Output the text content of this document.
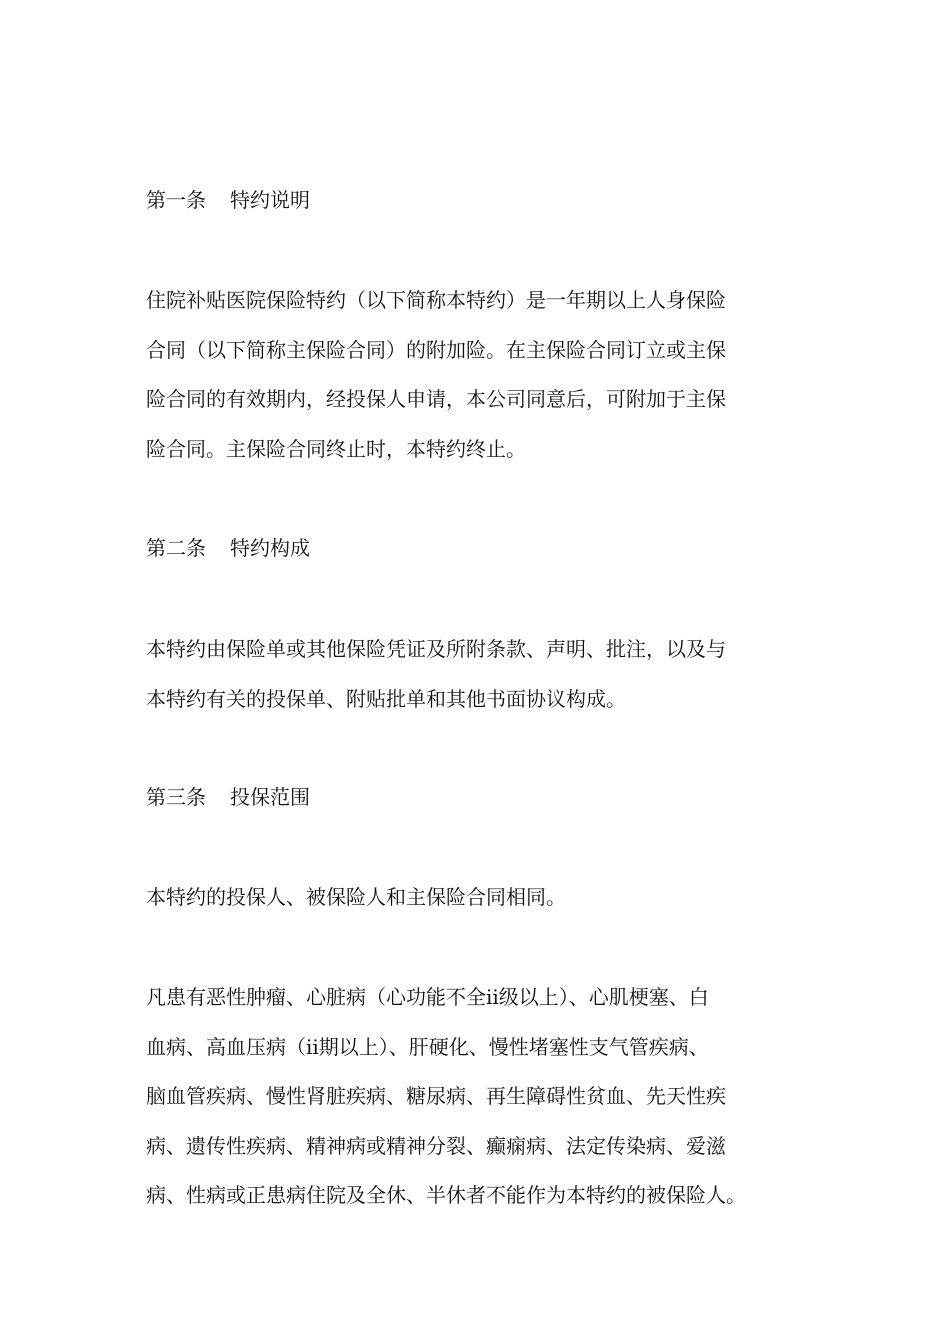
第一条 特约说明
住院补贴医院保险特约（以下简称本特约）是一年期以上人身保险
合同（以下简称主保险合同）的附加险。在主保险合同订立或主保
险合同的有效期内，经投保人申请，本公司同意后，可附加于主保
险合同。主保险合同终止时，本特约终止。
第二条 特约构成
本特约由保险单或其他保险凭证及所附条款、声明、批注，以及与
本特约有关的投保单、附贴批单和其他书面协议构成。
第三条 投保范围
本特约的投保人、被保险人和主保险合同相同。
凡患有恶性肿瘤、心脏病（心功能不全ⅱ级以上）、心肌梗塞、白
血病、高血压病（ⅱ期以上）、肝硬化、慢性堵塞性支气管疾病、
脑血管疾病、慢性肾脏疾病、糖尿病、再生障碍性贫血、先天性疾
病、遗传性疾病、精神病或精神分裂、癫痫病、法定传染病、爱滋
病、性病或正患病住院及全休、半休者不能作为本特约的被保险人。
